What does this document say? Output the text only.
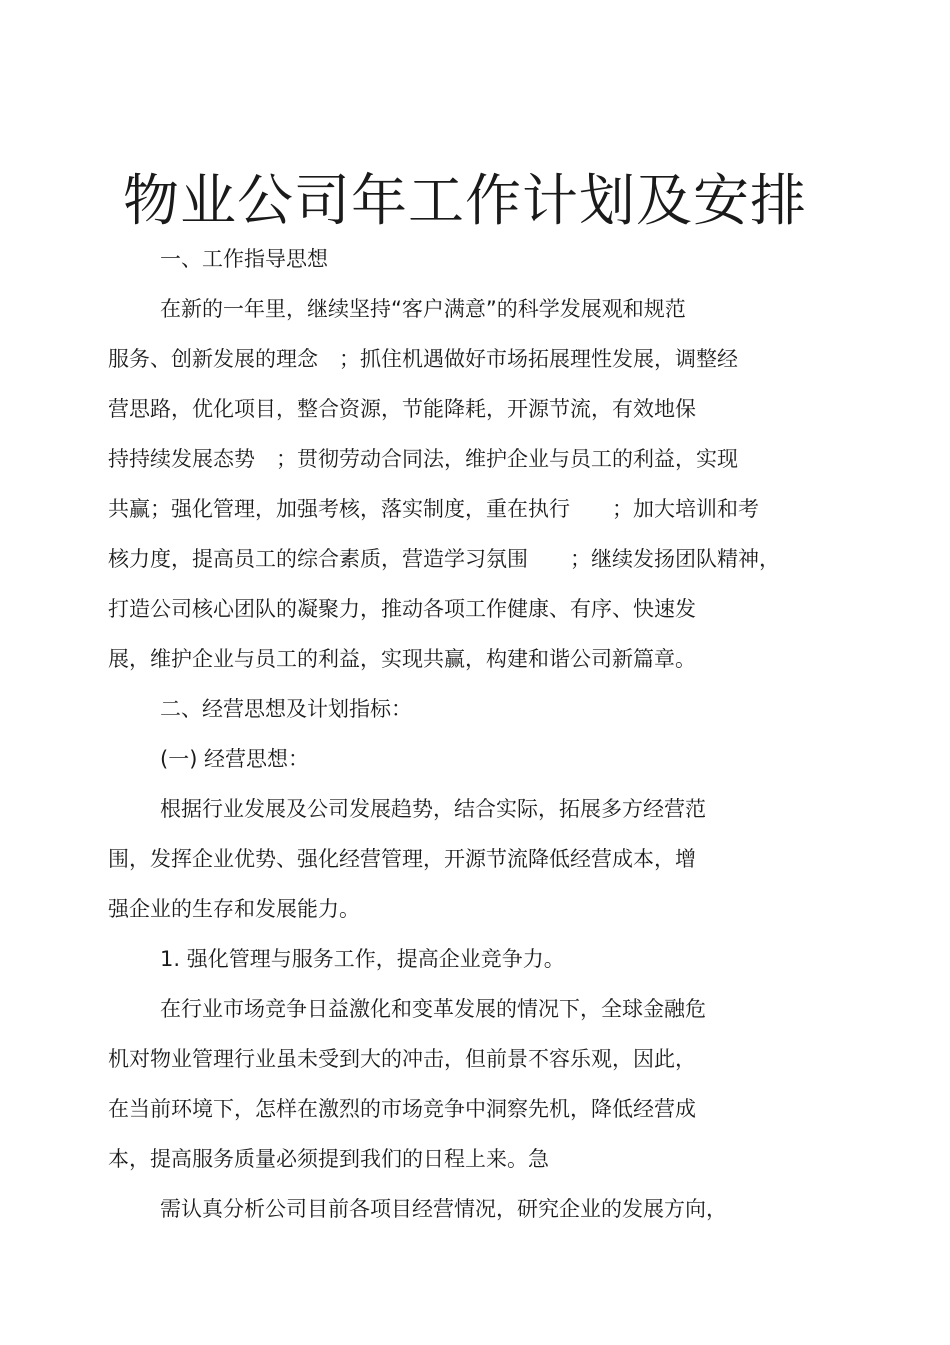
物业公司年工作计划及安排
一、工作指导思想
在新的一年里，继续坚持“客户满意”的科学发展观和规范
服务、创新发展的理念　；抓住机遇做好市场拓展理性发展，调整经
营思路，优化项目，整合资源，节能降耗，开源节流，有效地保
持持续发展态势　；贯彻劳动合同法，维护企业与员工的利益，实现
共赢；强化管理，加强考核，落实制度，重在执行　　；加大培训和考
核力度，提高员工的综合素质，营造学习氛围　　；继续发扬团队精神，
打造公司核心团队的凝聚力，推动各项工作健康、有序、快速发
展，维护企业与员工的利益，实现共赢，构建和谐公司新篇章。
二、经营思想及计划指标：
(一) 经营思想：
根据行业发展及公司发展趋势，结合实际，拓展多方经营范
围，发挥企业优势、强化经营管理，开源节流降低经营成本，增
强企业的生存和发展能力。
1. 强化管理与服务工作，提高企业竞争力。
在行业市场竞争日益激化和变革发展的情况下，全球金融危
机对物业管理行业虽未受到大的冲击，但前景不容乐观，因此，
在当前环境下，怎样在激烈的市场竞争中洞察先机，降低经营成
本，提高服务质量必须提到我们的日程上来。急
需认真分析公司目前各项目经营情况，研究企业的发展方向，
